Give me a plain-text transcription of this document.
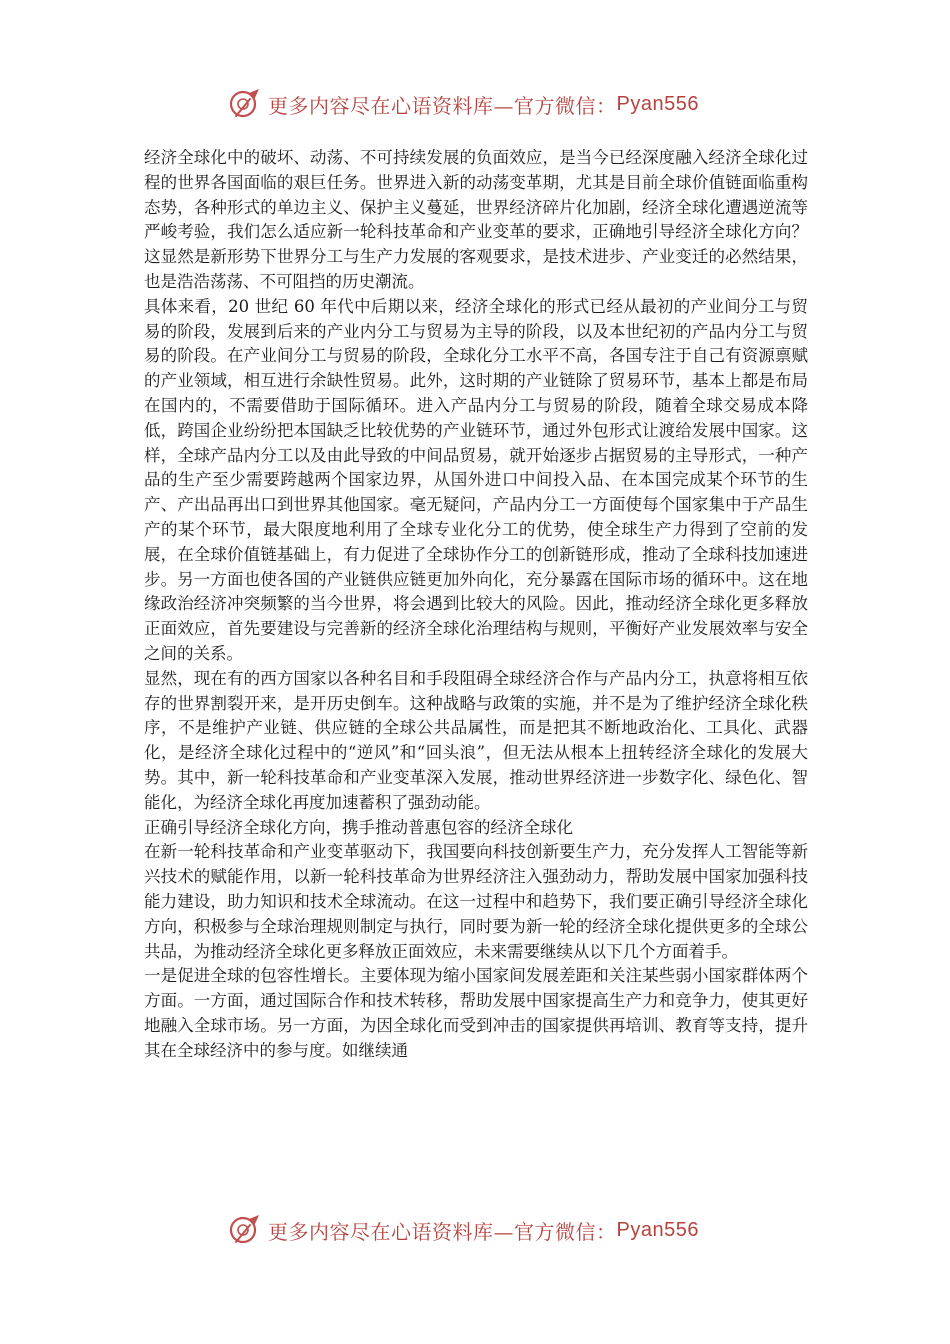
更多内容尽在心语资料库—官方微信： Pyan556

经济全球化中的破坏、动荡、不可持续发展的负面效应，是当今已经深度融入经济全球化过程的世界各国面临的艰巨任务。世界进入新的动荡变革期，尤其是目前全球价值链面临重构态势，各种形式的单边主义、保护主义蔓延，世界经济碎片化加剧，经济全球化遭遇逆流等严峻考验，我们怎么适应新一轮科技革命和产业变革的要求，正确地引导经济全球化方向？这显然是新形势下世界分工与生产力发展的客观要求，是技术进步、产业变迁的必然结果，也是浩浩荡荡、不可阻挡的历史潮流。

具体来看，20 世纪 60 年代中后期以来，经济全球化的形式已经从最初的产业间分工与贸易的阶段，发展到后来的产业内分工与贸易为主导的阶段，以及本世纪初的产品内分工与贸易的阶段。在产业间分工与贸易的阶段，全球化分工水平不高，各国专注于自己有资源禀赋的产业领域，相互进行余缺性贸易。此外，这时期的产业链除了贸易环节，基本上都是布局在国内的，不需要借助于国际循环。进入产品内分工与贸易的阶段，随着全球交易成本降低，跨国企业纷纷把本国缺乏比较优势的产业链环节，通过外包形式让渡给发展中国家。这样，全球产品内分工以及由此导致的中间品贸易，就开始逐步占据贸易的主导形式，一种产品的生产至少需要跨越两个国家边界，从国外进口中间投入品、在本国完成某个环节的生产、产出品再出口到世界其他国家。毫无疑问，产品内分工一方面使每个国家集中于产品生产的某个环节，最大限度地利用了全球专业化分工的优势，使全球生产力得到了空前的发展，在全球价值链基础上，有力促进了全球协作分工的创新链形成，推动了全球科技加速进步。另一方面也使各国的产业链供应链更加外向化，充分暴露在国际市场的循环中。这在地缘政治经济冲突频繁的当今世界，将会遇到比较大的风险。因此，推动经济全球化更多释放正面效应，首先要建设与完善新的经济全球化治理结构与规则，平衡好产业发展效率与安全之间的关系。

显然，现在有的西方国家以各种名目和手段阻碍全球经济合作与产品内分工，执意将相互依存的世界割裂开来，是开历史倒车。这种战略与政策的实施，并不是为了维护经济全球化秩序，不是维护产业链、供应链的全球公共品属性，而是把其不断地政治化、工具化、武器化，是经济全球化过程中的“逆风”和“回头浪”，但无法从根本上扭转经济全球化的发展大势。其中，新一轮科技革命和产业变革深入发展，推动世界经济进一步数字化、绿色化、智能化，为经济全球化再度加速蓄积了强劲动能。

正确引导经济全球化方向，携手推动普惠包容的经济全球化

在新一轮科技革命和产业变革驱动下，我国要向科技创新要生产力，充分发挥人工智能等新兴技术的赋能作用，以新一轮科技革命为世界经济注入强劲动力，帮助发展中国家加强科技能力建设，助力知识和技术全球流动。在这一过程中和趋势下，我们要正确引导经济全球化方向，积极参与全球治理规则制定与执行，同时要为新一轮的经济全球化提供更多的全球公共品，为推动经济全球化更多释放正面效应，未来需要继续从以下几个方面着手。

一是促进全球的包容性增长。主要体现为缩小国家间发展差距和关注某些弱小国家群体两个方面。一方面，通过国际合作和技术转移，帮助发展中国家提高生产力和竞争力，使其更好地融入全球市场。另一方面，为因全球化而受到冲击的国家提供再培训、教育等支持，提升其在全球经济中的参与度。如继续通

更多内容尽在心语资料库—官方微信： Pyan556
